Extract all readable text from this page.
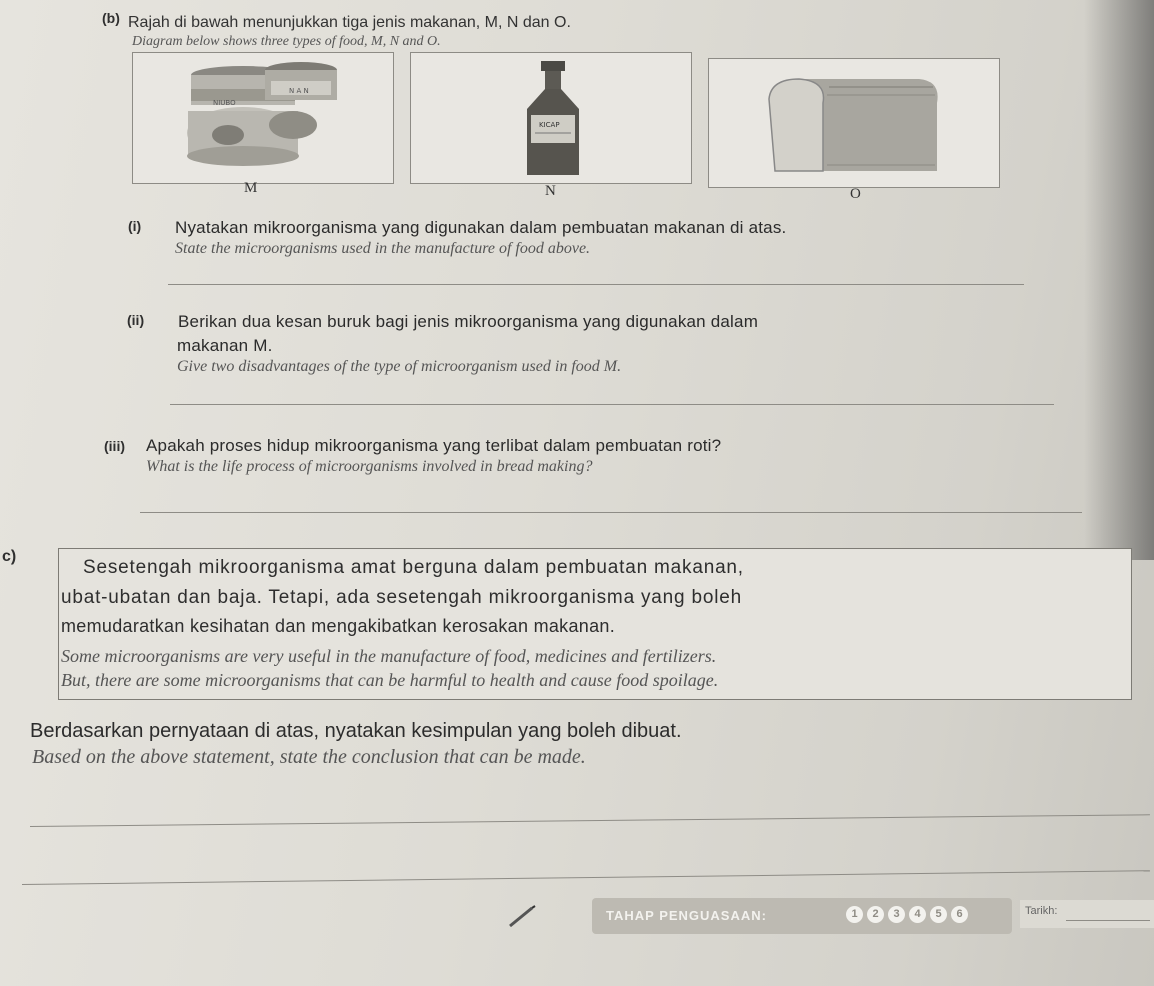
(b) Rajah di bawah menunjukkan tiga jenis makanan, M, N dan O.
Diagram below shows three types of food, M, N and O.
NIUBO
N A N
M
KICAP
N	O
(i) Nyatakan mikroorganisma yang digunakan dalam pembuatan makanan di atas.
State the microorganisms used in the manufacture of food above.
(ii) Berikan dua kesan buruk bagi jenis mikroorganisma yang digunakan dalam
makanan M.
Give two disadvantages of the type of microorganism used in food M.
(iii) Apakah proses hidup mikroorganisma yang terlibat dalam pembuatan roti?
What is the life process of microorganisms involved in bread making?
c)
Sesetengah mikroorganisma amat berguna dalam pembuatan makanan,
ubat-ubatan dan baja. Tetapi, ada sesetengah mikroorganisma yang boleh
memudaratkan kesihatan dan mengakibatkan kerosakan makanan.
Some microorganisms are very useful in the manufacture of food, medicines and fertilizers.
But, there are some microorganisms that can be harmful to health and cause food spoilage.
Berdasarkan pernyataan di atas, nyatakan kesimpulan yang boleh dibuat.
Based on the above statement, state the conclusion that can be made.
TAHAP PENGUASAAN:	1	2	3	4	5	6	Tarikh:
